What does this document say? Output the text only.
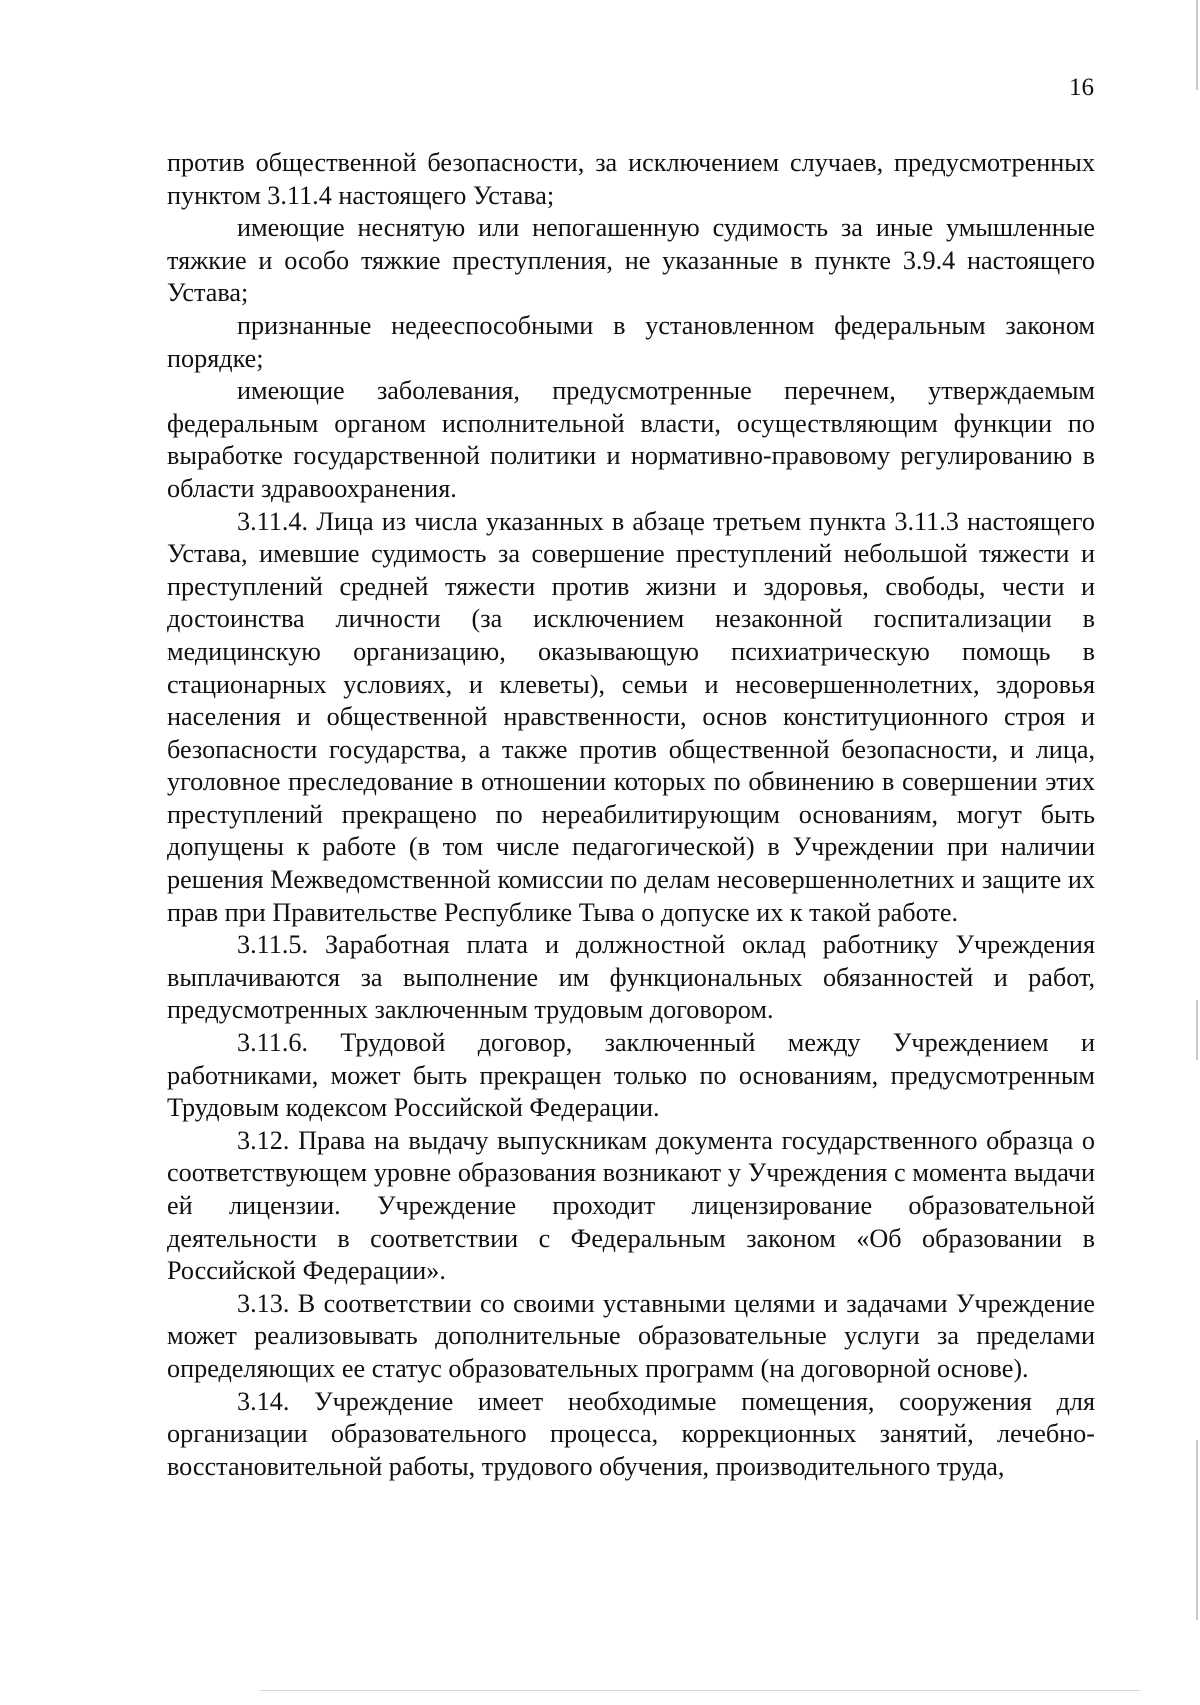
16

против общественной безопасности, за исключением случаев, предусмотренных пунктом 3.11.4 настоящего Устава;

имеющие неснятую или непогашенную судимость за иные умышленные тяжкие и особо тяжкие преступления, не указанные в пункте 3.9.4 настоящего Устава;

признанные недееспособными в установленном федеральным законом порядке;

имеющие заболевания, предусмотренные перечнем, утверждаемым федеральным органом исполнительной власти, осуществляющим функции по выработке государственной политики и нормативно-правовому регулированию в области здравоохранения.

3.11.4. Лица из числа указанных в абзаце третьем пункта 3.11.3 настоящего Устава, имевшие судимость за совершение преступлений небольшой тяжести и преступлений средней тяжести против жизни и здоровья, свободы, чести и достоинства личности (за исключением незаконной госпитализации в медицинскую организацию, оказывающую психиатрическую помощь в стационарных условиях, и клеветы), семьи и несовершеннолетних, здоровья населения и общественной нравственности, основ конституционного строя и безопасности государства, а также против общественной безопасности, и лица, уголовное преследование в отношении которых по обвинению в совершении этих преступлений прекращено по нереабилитирующим основаниям, могут быть допущены к работе (в том числе педагогической) в Учреждении при наличии решения Межведомственной комиссии по делам несовершеннолетних и защите их прав при Правительстве Республике Тыва о допуске их к такой работе.

3.11.5. Заработная плата и должностной оклад работнику Учреждения выплачиваются за выполнение им функциональных обязанностей и работ, предусмотренных заключенным трудовым договором.

3.11.6. Трудовой договор, заключенный между Учреждением и работниками, может быть прекращен только по основаниям, предусмотренным Трудовым кодексом Российской Федерации.

3.12. Права на выдачу выпускникам документа государственного образца о соответствующем уровне образования возникают у Учреждения с момента выдачи ей лицензии. Учреждение проходит лицензирование образовательной деятельности в соответствии с Федеральным законом «Об образовании в Российской Федерации».

3.13. В соответствии со своими уставными целями и задачами Учреждение может реализовывать дополнительные образовательные услуги за пределами определяющих ее статус образовательных программ (на договорной основе).

3.14. Учреждение имеет необходимые помещения, сооружения для организации образовательного процесса, коррекционных занятий, лечебно-восстановительной работы, трудового обучения, производительного труда,
